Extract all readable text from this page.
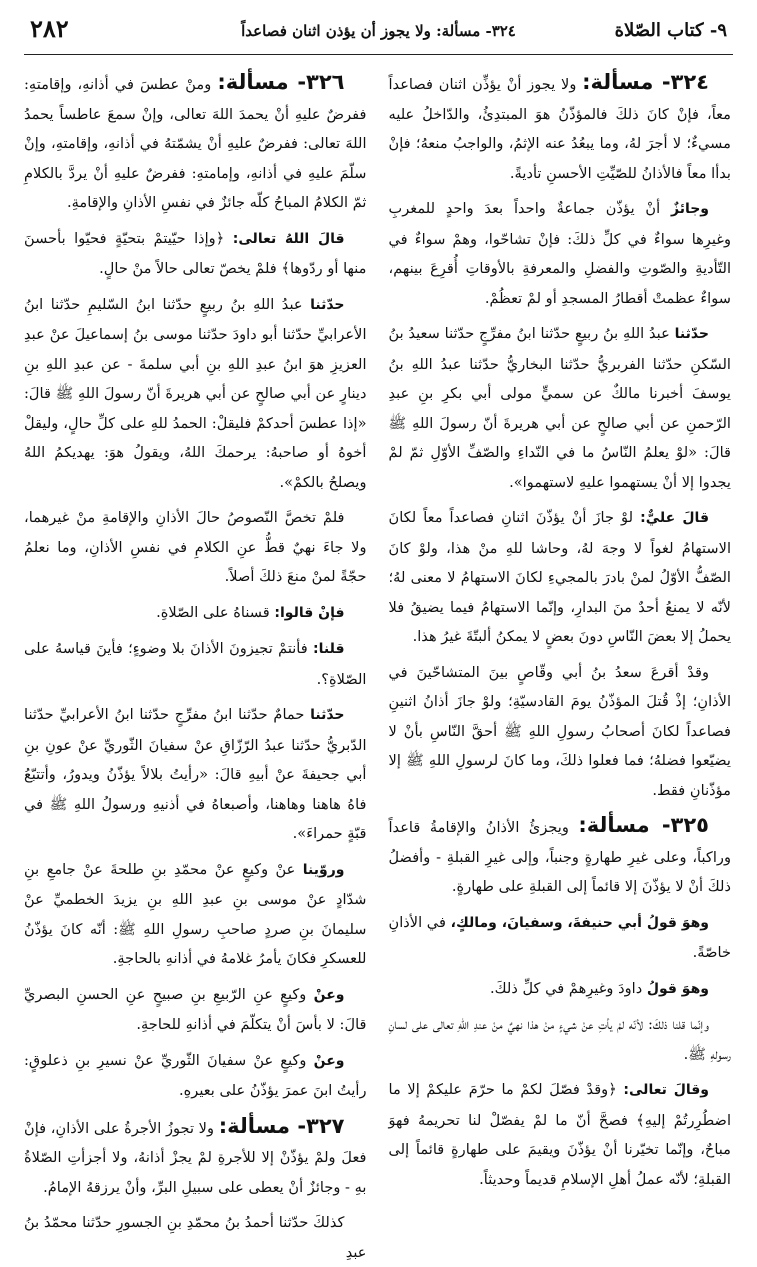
٩- كتاب الصّلاة
٣٢٤- مسألة: ولا يجوز أن يؤذن اثنان فصاعداً
٢٨٢

٣٢٤- مسألة: ولا يجوز أنْ يؤذِّن اثنان فصاعداً معاً، فإنْ كانَ ذلكَ فالمؤذّنُ هوَ المبتدِئُ، والدّاخلُ عليه مسيءٌ؛ لا أجرَ لهُ، وما يبعُدُ عنه الإثمُ، والواجبُ منعهُ؛ فإنْ بدأا معاً فالأذانُ للصّيِّتِ الأحسنِ تأديةً.

وجائزٌ أنْ يؤذّن جماعةٌ واحداً بعدَ واحدٍ للمغربِ وغيرِها سواءٌ في كلِّ ذلكَ: فإنْ تشاحّوا، وهمْ سواءٌ في التّأديةِ والصّوتِ والفضلِ والمعرفةِ بالأوقاتِ أُقرِعَ بينهم، سواءٌ عظمتْ أقطارُ المسجدِ أو لمْ تعظُمْ.

حدّثنا عبدُ اللهِ بنُ ربيعٍ حدّثنا ابنُ مفرِّجٍ حدّثنا سعيدُ بنُ السّكنِ حدّثنا الفربريُّ حدّثنا البخاريُّ حدّثنا عبدُ اللهِ بنُ يوسفَ أخبرنا مالكٌ عن سميٍّ مولى أبي بكرِ بنِ عبدِ الرّحمنِ عن أبي صالحٍ عن أبي هريرةَ أنّ رسولَ اللهِ ﷺ قالَ: «لوْ يعلمُ النّاسُ ما في النّداءِ والصّفِّ الأوّلِ ثمّ لمْ يجدوا إلا أنْ يستهموا عليهِ لاستهموا».

قالَ عليٌّ: لوْ جازَ أنْ يؤذّنَ اثنانِ فصاعداً معاً لكانَ الاستهامُ لغواً لا وجهَ لهُ، وحاشا للهِ منْ هذا، ولوْ كانَ الصّفُّ الأوّلُ لمنْ بادرَ بالمجيءِ لكانَ الاستهامُ لا معنى لهُ؛ لأنّه لا يمنعُ أحدٌ منَ البدارِ، وإنّما الاستهامُ فيما يضيقُ فلا يحملُ إلا بعضَ النّاسِ دونَ بعضٍ لا يمكنُ ألبتّةَ غيرُ هذا.

وقدْ أقرعَ سعدُ بنُ أبي وقّاصٍ بينَ المتشاحّينَ في الأذانِ؛ إذْ قُتلَ المؤذّنُ يومَ القادسيّةِ؛ ولوْ جازَ أذانُ اثنينِ فصاعداً لكانَ أصحابُ رسولِ اللهِ ﷺ أحقَّ النّاسِ بأنْ لا يضيّعوا فضلهُ؛ فما فعلوا ذلكَ، وما كانَ لرسولِ اللهِ ﷺ إلا مؤذّنانِ فقط.

٣٢٥- مسألة: ويجزئُ الأذانُ والإقامةُ قاعداً وراكباً، وعلى غيرِ طهارةٍ وجنباً، وإلى غيرِ القبلةِ - وأفضلُ ذلكَ أنْ لا يؤذّنَ إلا قائماً إلى القبلةِ على طهارةٍ.

وهوَ قولُ أبي حنيفةَ، وسفيانَ، ومالكٍ، في الأذانِ خاصّةً.

وهوَ قولُ داودَ وغيرِهمْ في كلِّ ذلكَ.

وإنّما قلنا ذلكَ: لأنّه لمْ يأتِ عنْ شيءٍ منْ هذا نهيٌ منْ عندِ اللهِ تعالى على لسانِ رسولهِ ﷺ.

وقالَ تعالى: ﴿وقدْ فصّلَ لكمْ ما حرّمَ عليكمْ إلا ما اضطُرِرتُمْ إليهِ﴾ فصحَّ أنّ ما لمْ يفصّلْ لنا تحريمهُ فهوَ مباحٌ، وإنّما تخيّرنا أنْ يؤذّنَ ويقيمَ على طهارةٍ قائماً إلى القبلةِ؛ لأنّه عملُ أهلِ الإسلامِ قديماً وحديثاً.

٣٢٦- مسألة: ومنْ عطسَ في أذانهِ، وإقامتهِ: ففرضٌ عليهِ أنْ يحمدَ اللهَ تعالى، وإنْ سمعَ عاطساً يحمدُ اللهَ تعالى: ففرضٌ عليهِ أنْ يشمّتهُ في أذانهِ، وإقامتهِ، وإنْ سلّمَ عليهِ في أذانهِ، وإمامتهِ: ففرضٌ عليهِ أنْ يردَّ بالكلامِ ثمّ الكلامُ المباحُ كلّه جائزٌ في نفسِ الأذانِ والإقامةِ.

قالَ اللهُ تعالى: ﴿وإذا حيّيتمْ بتحيّةٍ فحيّوا بأحسنَ منها أو ردّوها﴾ فلمْ يخصّ تعالى حالاً منْ حالٍ.

حدّثنا عبدُ اللهِ بنُ ربيعٍ حدّثنا ابنُ السّليمِ حدّثنا ابنُ الأعرابيِّ حدّثنا أبو داودَ حدّثنا موسى بنُ إسماعيلَ عنْ عبدِ العزيزِ هوَ ابنُ عبدِ اللهِ بنِ أبي سلمةَ - عن عبدِ اللهِ بنِ دينارٍ عن أبي صالحٍ عن أبي هريرةَ أنّ رسولَ اللهِ ﷺ قالَ: «إذا عطسَ أحدكمْ فليقلْ: الحمدُ للهِ على كلِّ حالٍ، وليقلْ أخوهُ أو صاحبهُ: يرحمكَ اللهُ، ويقولُ هوَ: يهديكمُ اللهُ ويصلحُ بالكمْ».

فلمْ تخصَّ النّصوصُ حالَ الأذانِ والإقامةِ منْ غيرهما، ولا جاءَ نهيٌ قطُّ عنِ الكلامِ في نفسِ الأذانِ، وما نعلمُ حجّةً لمنْ منعَ ذلكَ أصلاً.

فإنْ قالوا: قسناهُ على الصّلاةِ.

قلنا: فأنتمْ تجيزونَ الأذانَ بلا وضوءٍ؛ فأينَ قياسهُ على الصّلاةِ؟.

حدّثنا حمامٌ حدّثنا ابنُ مفرِّجٍ حدّثنا ابنُ الأعرابيِّ حدّثنا الدّبريُّ حدّثنا عبدُ الرّزّاقِ عنْ سفيانَ الثّوريِّ عنْ عونِ بنِ أبي جحيفةَ عنْ أبيهِ قالَ: «رأيتُ بلالاً يؤذّنُ ويدورُ، وأتتبّعُ فاهُ هاهنا وهاهنا، وأصبعاهُ في أذنيهِ ورسولُ اللهِ ﷺ في قبّةٍ حمراءَ».

وروّينا عنْ وكيعٍ عنْ محمّدِ بنِ طلحةَ عنْ جامعِ بنِ شدّادٍ عنْ موسى بنِ عبدِ اللهِ بنِ يزيدَ الخطميِّ عنْ سليمانَ بنِ صردٍ صاحبِ رسولِ اللهِ ﷺ: أنّه كانَ يؤذّنُ للعسكرِ فكانَ يأمرُ غلامهُ في أذانهِ بالحاجةِ.

وعنْ وكيعٍ عنِ الرّبيعِ بنِ صبيحٍ عنِ الحسنِ البصريِّ قالَ: لا بأسَ أنْ يتكلّمَ في أذانهِ للحاجةِ.

وعنْ وكيعٍ عنْ سفيانَ الثّوريِّ عنْ نسيرِ بنِ ذعلوقٍ: رأيتُ ابنَ عمرَ يؤذّنُ على بعيرهِ.

٣٢٧- مسألة: ولا تجوزُ الأجرةُ على الأذانِ، فإنْ فعلَ ولمْ يؤذّنْ إلا للأجرةِ لمْ يجزْ أذانهُ، ولا أجزأتِ الصّلاةُ بهِ - وجائزٌ أنْ يعطى على سبيلِ البرِّ، وأنْ يرزقهُ الإمامُ.

كذلكَ حدّثنا أحمدُ بنُ محمّدِ بنِ الجسورِ حدّثنا محمّدُ بنُ عبدِ
